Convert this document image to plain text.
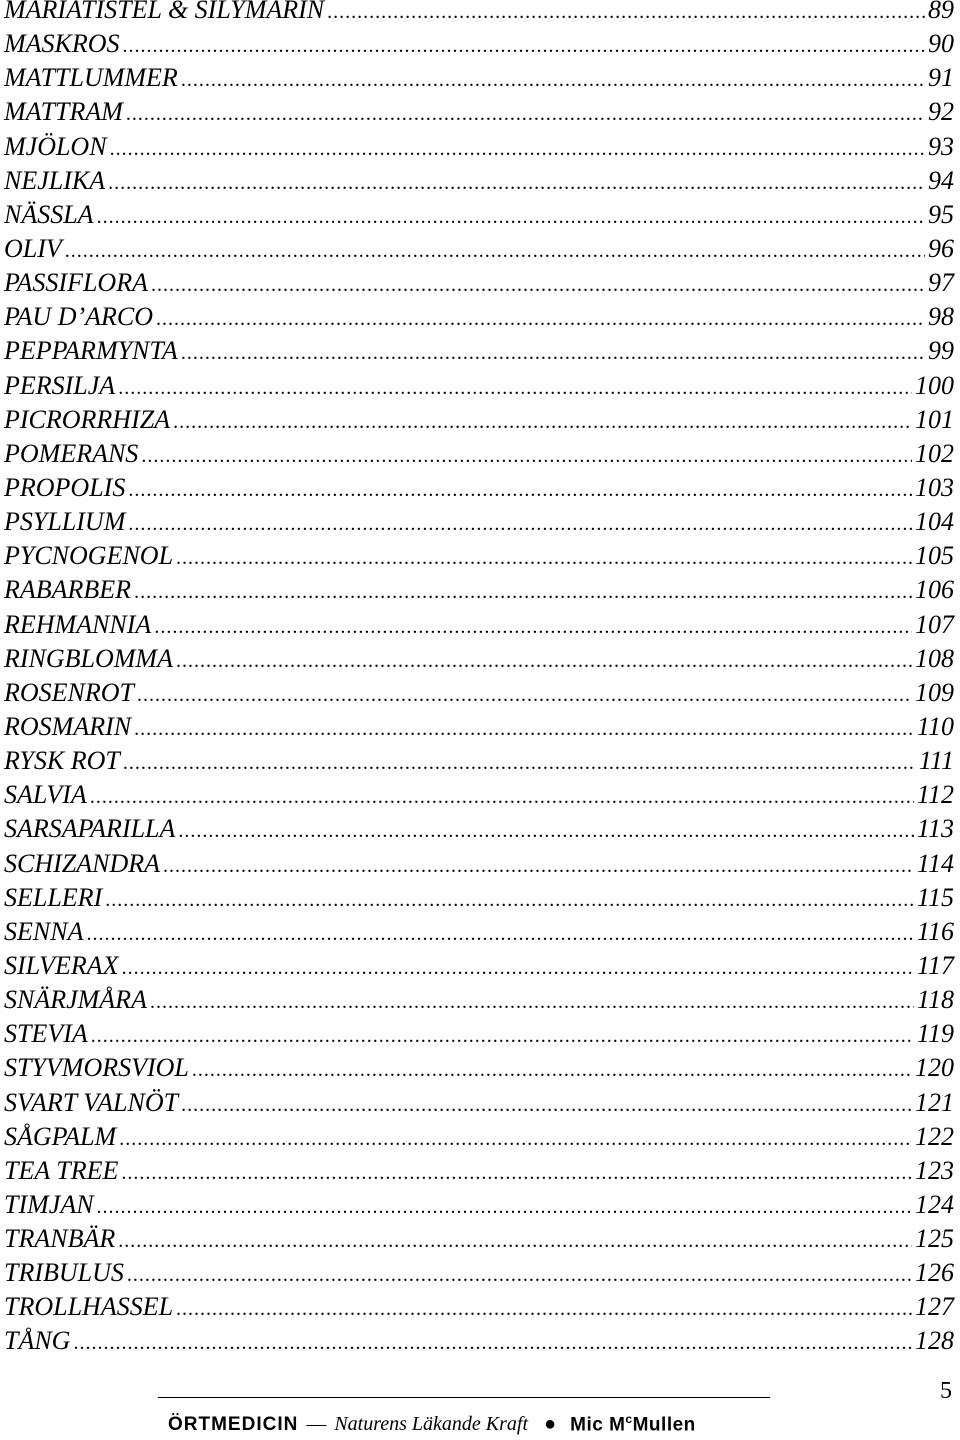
MARIATISTEL & SILYMARIN .....	89
MASKROS .....	90
MATTLUMMER .....	91
MATTRAM .....	92
MJÖLON .....	93
NEJLIKA .....	94
NÄSSLA .....	95
OLIV .....	96
PASSIFLORA .....	97
PAU D’ARCO .....	98
PEPPARMYNTA .....	99
PERSILJA .....	100
PICRORRHIZA .....	101
POMERANS .....	102
PROPOLIS .....	103
PSYLLIUM .....	104
PYCNOGENOL .....	105
RABARBER .....	106
REHMANNIA .....	107
RINGBLOMMA .....	108
ROSENROT .....	109
ROSMARIN .....	110
RYSK ROT .....	111
SALVIA .....	112
SARSAPARILLA .....	113
SCHIZANDRA .....	114
SELLERI .....	115
SENNA .....	116
SILVERAX .....	117
SNÄRJMÅRA .....	118
STEVIA .....	119
STYVMORSVIOL .....	120
SVART VALNÖT .....	121
SÅGPALM .....	122
TEA TREE .....	123
TIMJAN .....	124
TRANBÄR .....	125
TRIBULUS .....	126
TROLLHASSEL .....	127
TÅNG .....	128
ÖRTMEDICIN — Naturens Läkande Kraft ● Mic $M^cMullen$
5
